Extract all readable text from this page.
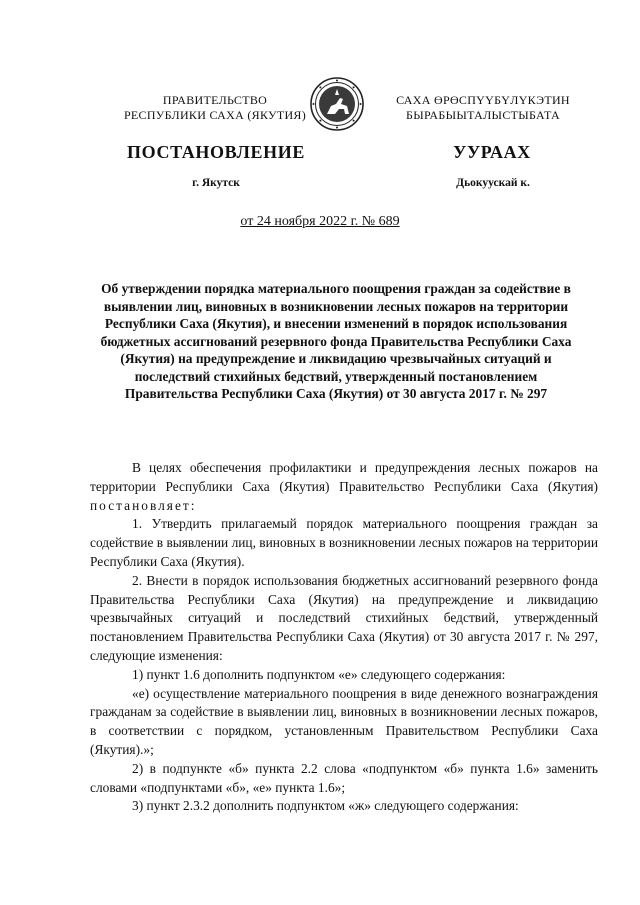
ПРАВИТЕЛЬСТВО
РЕСПУБЛИКИ САХА (ЯКУТИЯ)
САХА ӨРӨСПҮҮБҮЛҮКЭТИН
БЫРАБЫЫТАЛЫСТЫБАТА
ПОСТАНОВЛЕНИЕ	УУРААХ
г. Якутск	Дьокуускай к.
от 24 ноября 2022 г. № 689
Об утверждении порядка материального поощрения граждан за содействие в выявлении лиц, виновных в возникновении лесных пожаров на территории Республики Саха (Якутия), и внесении изменений в порядок использования бюджетных ассигнований резервного фонда Правительства Республики Саха (Якутия) на предупреждение и ликвидацию чрезвычайных ситуаций и последствий стихийных бедствий, утвержденный постановлением Правительства Республики Саха (Якутия) от 30 августа 2017 г. № 297

В целях обеспечения профилактики и предупреждения лесных пожаров на территории Республики Саха (Якутия) Правительство Республики Саха (Якутия) постановляет:

1. Утвердить прилагаемый порядок материального поощрения граждан за содействие в выявлении лиц, виновных в возникновении лесных пожаров на территории Республики Саха (Якутия).

2. Внести в порядок использования бюджетных ассигнований резервного фонда Правительства Республики Саха (Якутия) на предупреждение и ликвидацию чрезвычайных ситуаций и последствий стихийных бедствий, утвержденный постановлением Правительства Республики Саха (Якутия) от 30 августа 2017 г. № 297, следующие изменения:

1) пункт 1.6 дополнить подпунктом «е» следующего содержания:

«е) осуществление материального поощрения в виде денежного вознаграждения гражданам за содействие в выявлении лиц, виновных в возникновении лесных пожаров, в соответствии с порядком, установленным Правительством Республики Саха (Якутия).»;

2) в подпункте «б» пункта 2.2 слова «подпунктом «б» пункта 1.6» заменить словами «подпунктами «б», «е» пункта 1.6»;

3) пункт 2.3.2 дополнить подпунктом «ж» следующего содержания:
